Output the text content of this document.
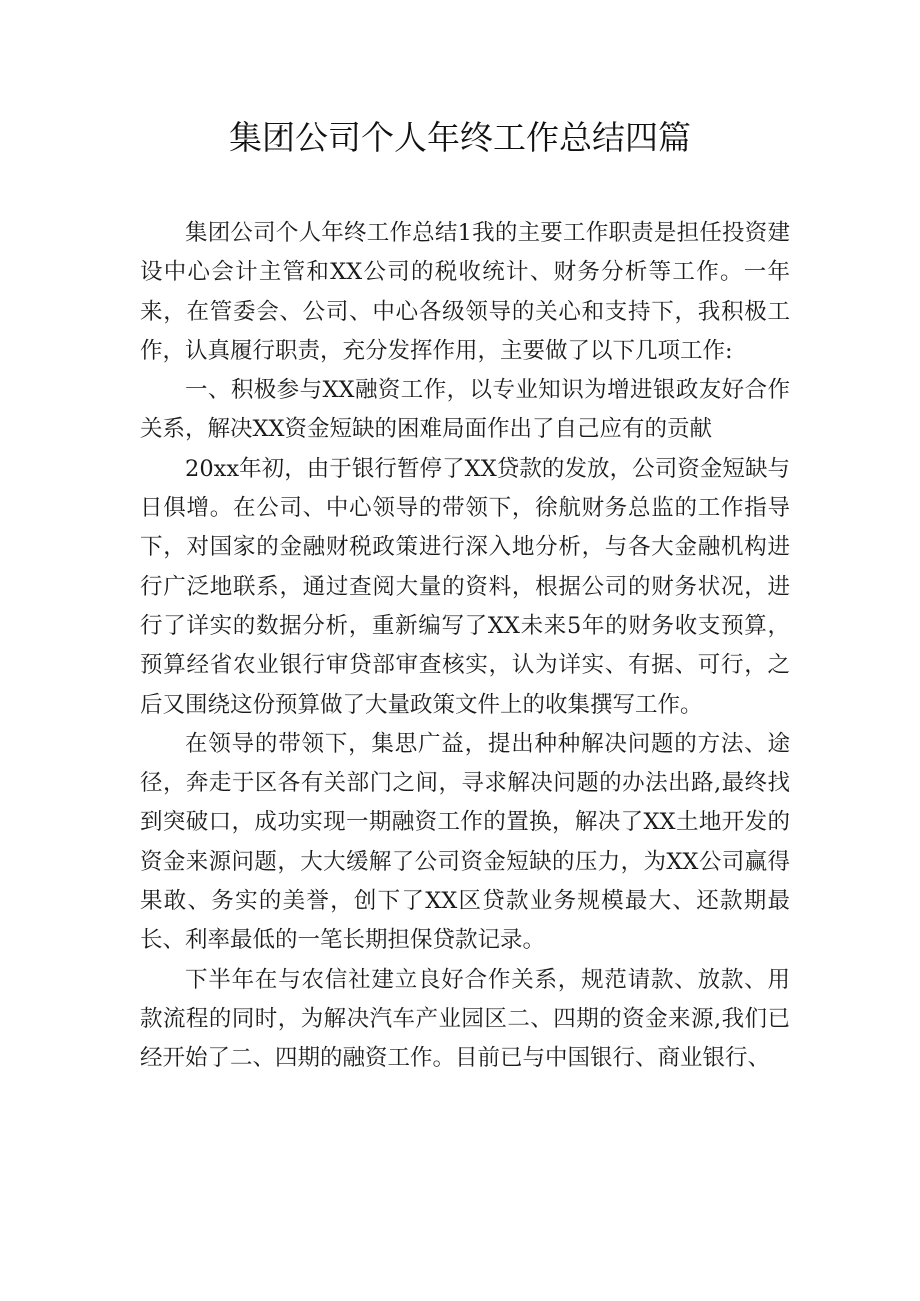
集团公司个人年终工作总结四篇

集团公司个人年终工作总结1我的主要工作职责是担任投资建设中心会计主管和XX公司的税收统计、财务分析等工作。一年来，在管委会、公司、中心各级领导的关心和支持下，我积极工作，认真履行职责，充分发挥作用，主要做了以下几项工作:

一、积极参与XX融资工作，以专业知识为增进银政友好合作关系，解决XX资金短缺的困难局面作出了自己应有的贡献

20xx年初，由于银行暂停了XX贷款的发放，公司资金短缺与日俱增。在公司、中心领导的带领下，徐航财务总监的工作指导下，对国家的金融财税政策进行深入地分析，与各大金融机构进行广泛地联系，通过查阅大量的资料，根据公司的财务状况，进行了详实的数据分析，重新编写了XX未来5年的财务收支预算，预算经省农业银行审贷部审查核实，认为详实、有据、可行，之后又围绕这份预算做了大量政策文件上的收集撰写工作。

在领导的带领下，集思广益，提出种种解决问题的方法、途径，奔走于区各有关部门之间，寻求解决问题的办法出路,最终找到突破口，成功实现一期融资工作的置换，解决了XX土地开发的资金来源问题，大大缓解了公司资金短缺的压力，为XX公司赢得果敢、务实的美誉，创下了XX区贷款业务规模最大、还款期最长、利率最低的一笔长期担保贷款记录。

下半年在与农信社建立良好合作关系，规范请款、放款、用款流程的同时，为解决汽车产业园区二、四期的资金来源,我们已经开始了二、四期的融资工作。目前已与中国银行、商业银行、
